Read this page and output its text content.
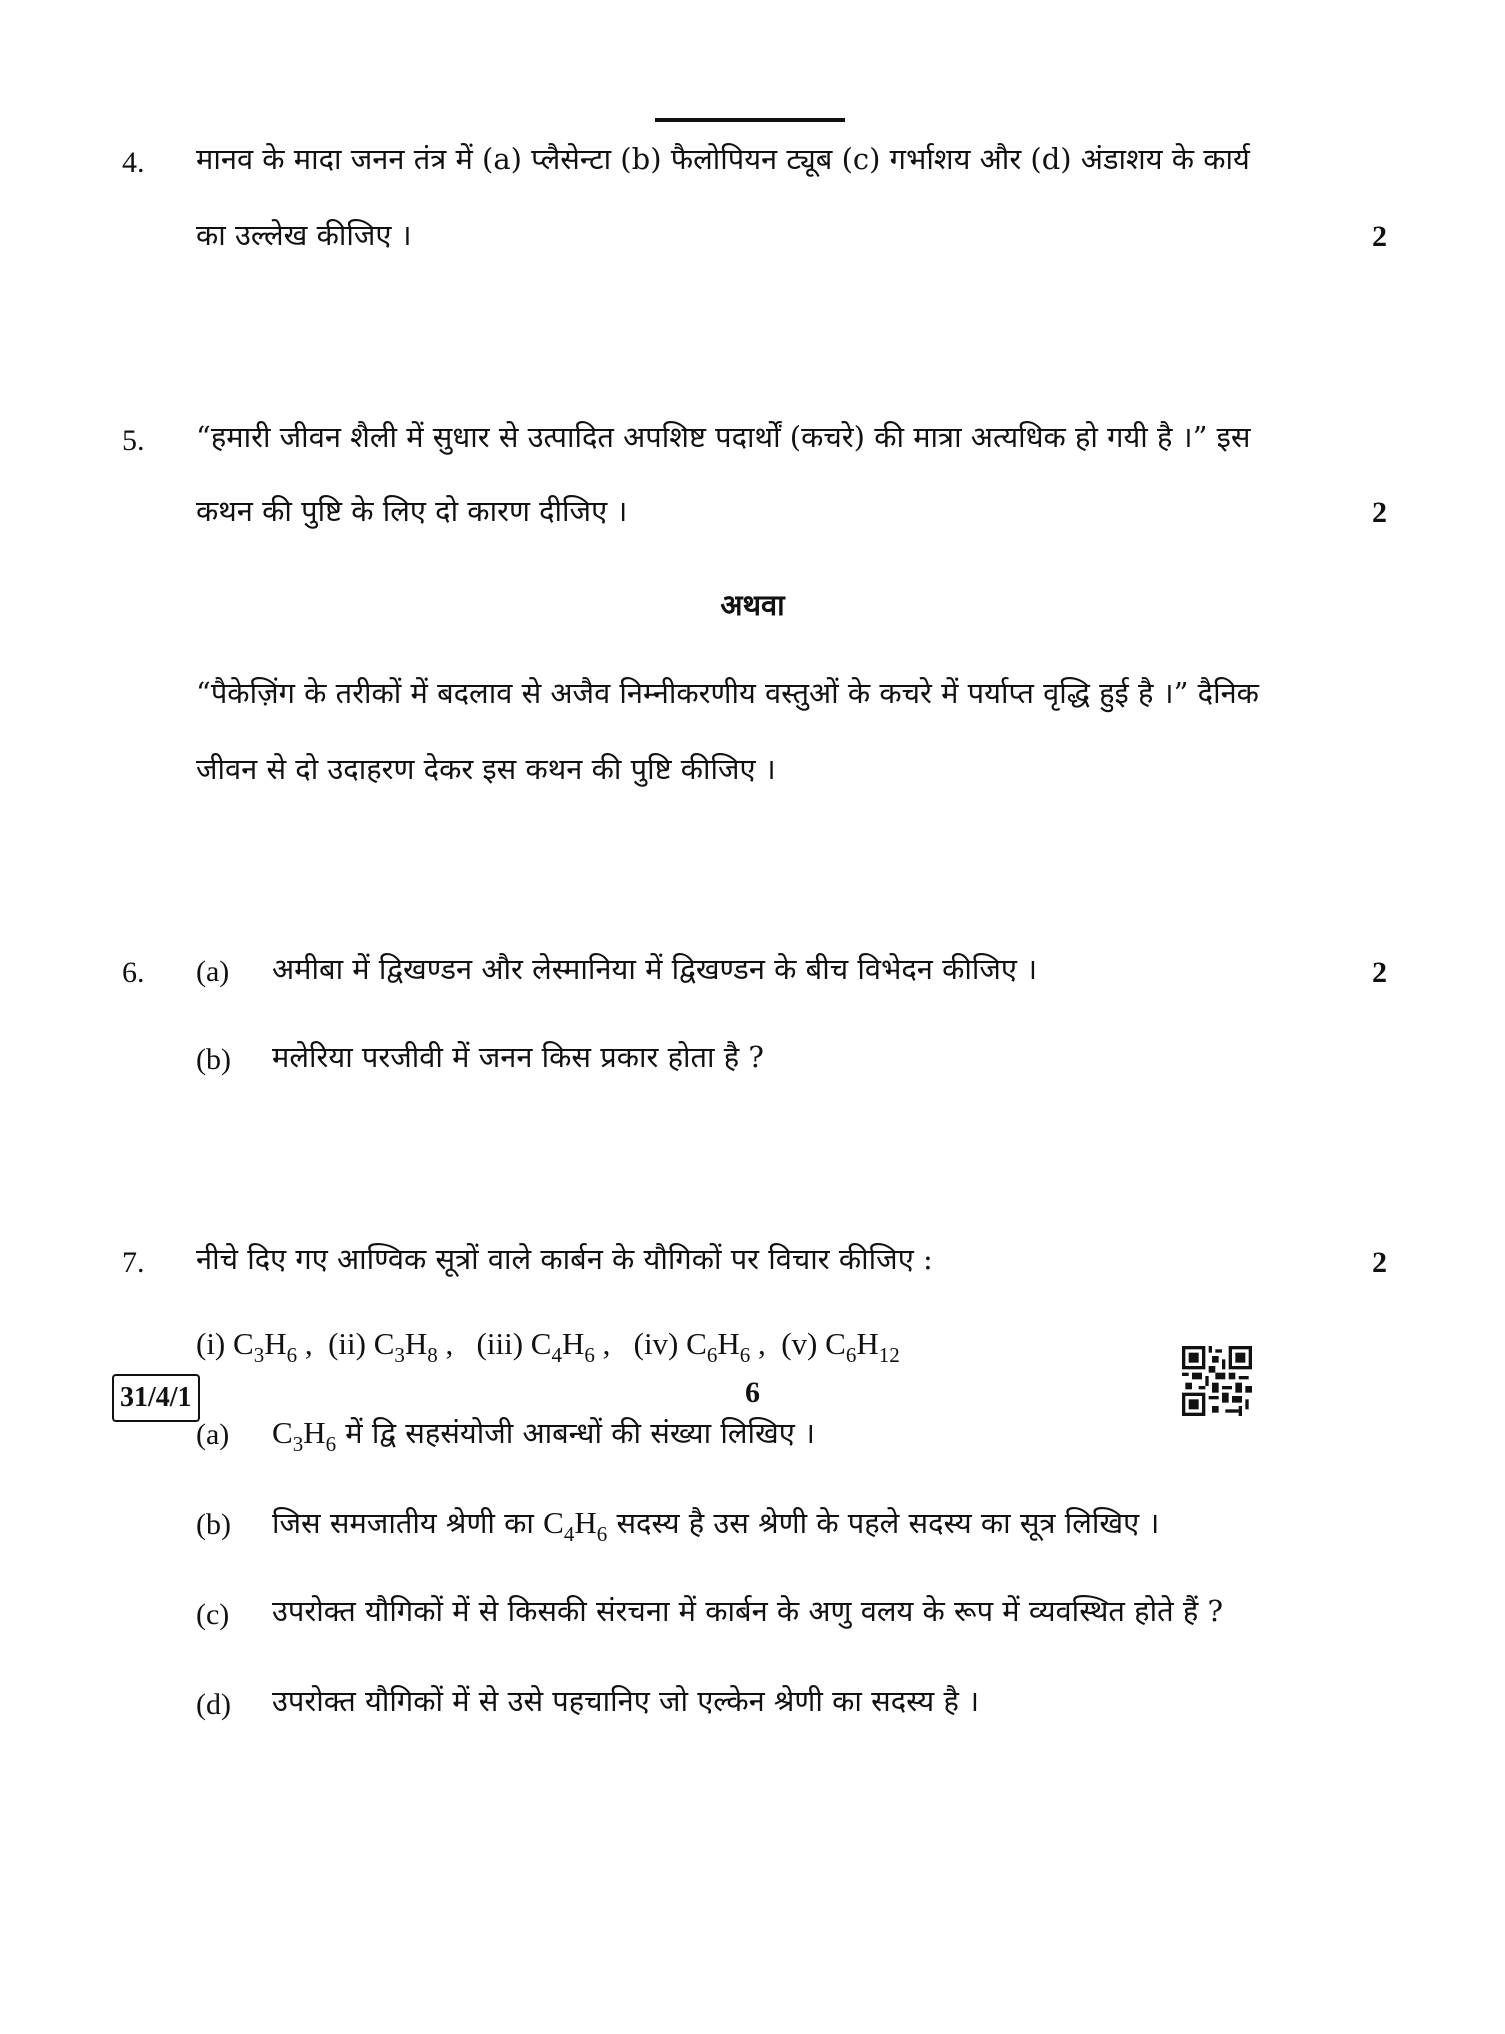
4. मानव के मादा जनन तंत्र में (a) प्लैसेन्टा (b) फैलोपियन ट्यूब (c) गर्भाशय और (d) अंडाशय के कार्य
का उल्लेख कीजिए ।	2
5. “हमारी जीवन शैली में सुधार से उत्पादित अपशिष्ट पदार्थों (कचरे) की मात्रा अत्यधिक हो गयी है ।” इस
कथन की पुष्टि के लिए दो कारण दीजिए ।	2
अथवा
“पैकेज़िंग के तरीकों में बदलाव से अजैव निम्नीकरणीय वस्तुओं के कचरे में पर्याप्त वृद्धि हुई है ।” दैनिक
जीवन से दो उदाहरण देकर इस कथन की पुष्टि कीजिए ।
6. (a) अमीबा में द्विखण्डन और लेस्मानिया में द्विखण्डन के बीच विभेदन कीजिए ।	2
(b) मलेरिया परजीवी में जनन किस प्रकार होता है ?
7. नीचे दिए गए आण्विक सूत्रों वाले कार्बन के यौगिकों पर विचार कीजिए :	2
(i) $C_3H_6$ , (ii) $C_3H_8$ , (iii) $C_4H_6$ , (iv) $C_6H_6$ , (v) $C_6H_{12}$
(a) $C_3H_6$ में द्वि सहसंयोजी आबन्धों की संख्या लिखिए ।
(b) जिस समजातीय श्रेणी का $C_4H_6$ सदस्य है उस श्रेणी के पहले सदस्य का सूत्र लिखिए ।
(c) उपरोक्त यौगिकों में से किसकी संरचना में कार्बन के अणु वलय के रूप में व्यवस्थित होते हैं ?
(d) उपरोक्त यौगिकों में से उसे पहचानिए जो एल्केन श्रेणी का सदस्य है ।
31/4/1	6
